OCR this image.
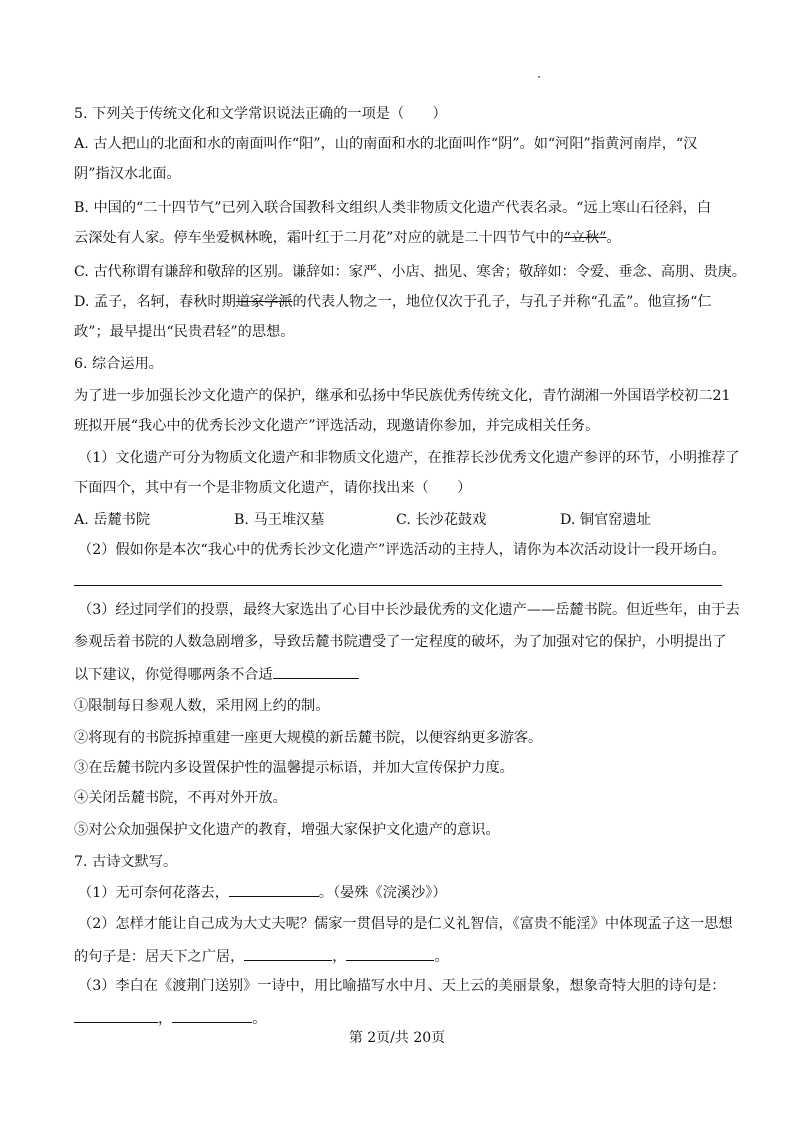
5. 下列关于传统文化和文学常识说法正确的一项是（　　）
A. 古人把山的北面和水的南面叫作“阳”，山的南面和水的北面叫作“阴”。如“河阳”指黄河南岸，“汉
阴”指汉水北面。
B. 中国的“二十四节气”已列入联合国教科文组织人类非物质文化遗产代表名录。“远上寒山石径斜，白
云深处有人家。停车坐爱枫林晚，霜叶红于二月花”对应的就是二十四节气中的“立秋”。
C. 古代称谓有谦辞和敬辞的区别。谦辞如：家严、小店、拙见、寒舍；敬辞如：令爱、垂念、高朋、贵庚。
D. 孟子，名轲，春秋时期道家学派的代表人物之一，地位仅次于孔子，与孔子并称“孔孟”。他宣扬“仁
政”；最早提出“民贵君轻”的思想。
6. 综合运用。
为了进一步加强长沙文化遗产的保护，继承和弘扬中华民族优秀传统文化，青竹湖湘一外国语学校初二21
班拟开展“我心中的优秀长沙文化遗产”评选活动，现邀请你参加，并完成相关任务。
（1）文化遗产可分为物质文化遗产和非物质文化遗产，在推荐长沙优秀文化遗产参评的环节，小明推荐了
下面四个，其中有一个是非物质文化遗产，请你找出来（　　）
A. 岳麓书院	B. 马王堆汉墓	C. 长沙花鼓戏	D. 铜官窑遗址
（2）假如你是本次“我心中的优秀长沙文化遗产”评选活动的主持人，请你为本次活动设计一段开场白。
（3）经过同学们的投票，最终大家选出了心目中长沙最优秀的文化遗产——岳麓书院。但近些年，由于去
参观岳着书院的人数急剧增多，导致岳麓书院遭受了一定程度的破坏，为了加强对它的保护，小明提出了
以下建议，你觉得哪两条不合适
①限制每日参观人数，采用网上约的制。
②将现有的书院拆掉重建一座更大规模的新岳麓书院，以便容纳更多游客。
③在岳麓书院内多设置保护性的温馨提示标语，并加大宣传保护力度。
④关闭岳麓书院，不再对外开放。
⑤对公众加强保护文化遗产的教育，增强大家保护文化遗产的意识。
7. 古诗文默写。
（1）无可奈何花落去，	。（晏殊《浣溪沙》）
（2）怎样才能让自己成为大丈夫呢？儒家一贯倡导的是仁义礼智信，《富贵不能淫》中体现孟子这一思想
的句子是：居天下之广居，	，	。
（3）李白在《渡荆门送别》一诗中，用比喻描写水中月、天上云的美丽景象，想象奇特大胆的诗句是：
，	。
第 2页/共 20页
